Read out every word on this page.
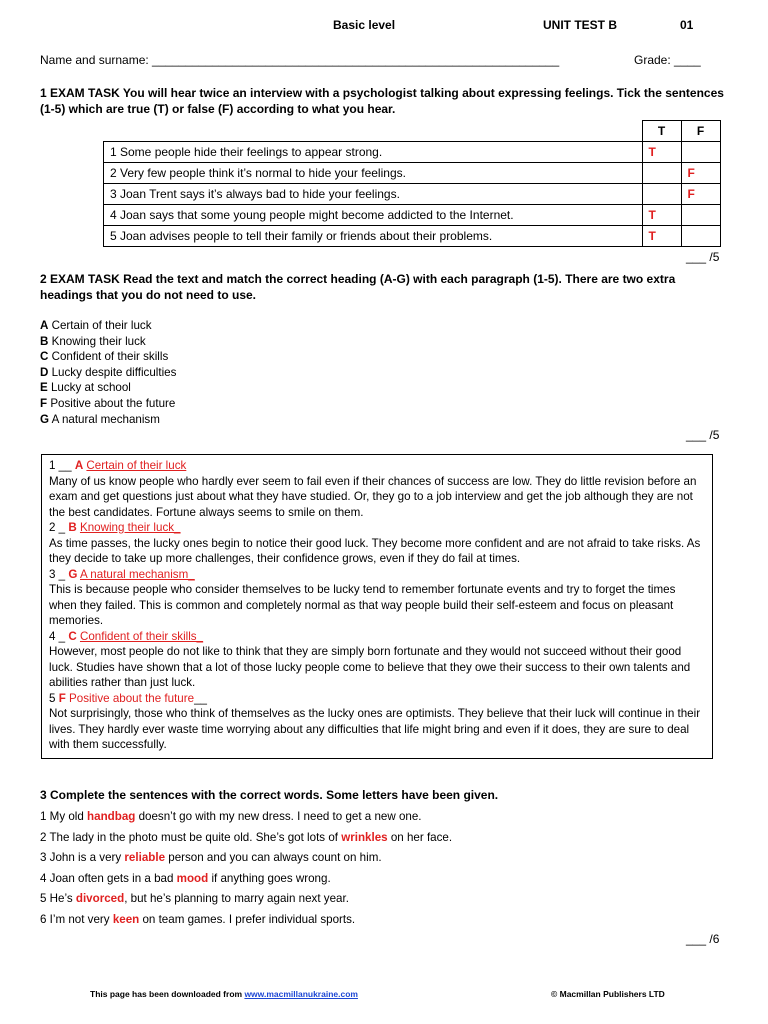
Basic level	UNIT TEST B	01
Name and surname: _____________________________________________________________	Grade: ____
1 EXAM TASK You will hear twice an interview with a psychologist talking about expressing feelings. Tick the sentences (1-5) which are true (T) or false (F) according to what you hear.
	T	F
1 Some people hide their feelings to appear strong.	T	
2 Very few people think it’s normal to hide your feelings.		F
3 Joan Trent says it’s always bad to hide your feelings.		F
4 Joan says that some young people might become addicted to the Internet.	T	
5 Joan advises people to tell their family or friends about their problems.	T	
___ /5
2 EXAM TASK Read the text and match the correct heading (A-G) with each paragraph (1-5). There are two extra headings that you do not need to use.
A Certain of their luck
B Knowing their luck
C Confident of their skills
D Lucky despite difficulties
E Lucky at school
F Positive about the future
G A natural mechanism
___ /5
1 __ A Certain of their luck
Many of us know people who hardly ever seem to fail even if their chances of success are low. They do little revision before an exam and get questions just about what they have studied. Or, they go to a job interview and get the job although they are not the best candidates. Fortune always seems to smile on them.
2 _ B Knowing their luck_
As time passes, the lucky ones begin to notice their good luck. They become more confident and are not afraid to take risks. As they decide to take up more challenges, their confidence grows, even if they do fail at times.
3 _ G A natural mechanism_
This is because people who consider themselves to be lucky tend to remember fortunate events and try to forget the times when they failed. This is common and completely normal as that way people build their self-esteem and focus on pleasant memories.
4 _ C Confident of their skills_
However, most people do not like to think that they are simply born fortunate and they would not succeed without their good luck. Studies have shown that a lot of those lucky people come to believe that they owe their success to their own talents and abilities rather than just luck.
5 F Positive about the future__
Not surprisingly, those who think of themselves as the lucky ones are optimists. They believe that their luck will continue in their lives. They hardly ever waste time worrying about any difficulties that life might bring and even if it does, they are sure to deal with them successfully.
3 Complete the sentences with the correct words. Some letters have been given.
1 My old handbag doesn’t go with my new dress. I need to get a new one.
2 The lady in the photo must be quite old. She’s got lots of wrinkles on her face.
3 John is a very reliable person and you can always count on him.
4 Joan often gets in a bad mood if anything goes wrong.
5 He’s divorced, but he’s planning to marry again next year.
6 I’m not very keen on team games. I prefer individual sports.
___ /6
This page has been downloaded from www.macmillanukraine.com	© Macmillan Publishers LTD
